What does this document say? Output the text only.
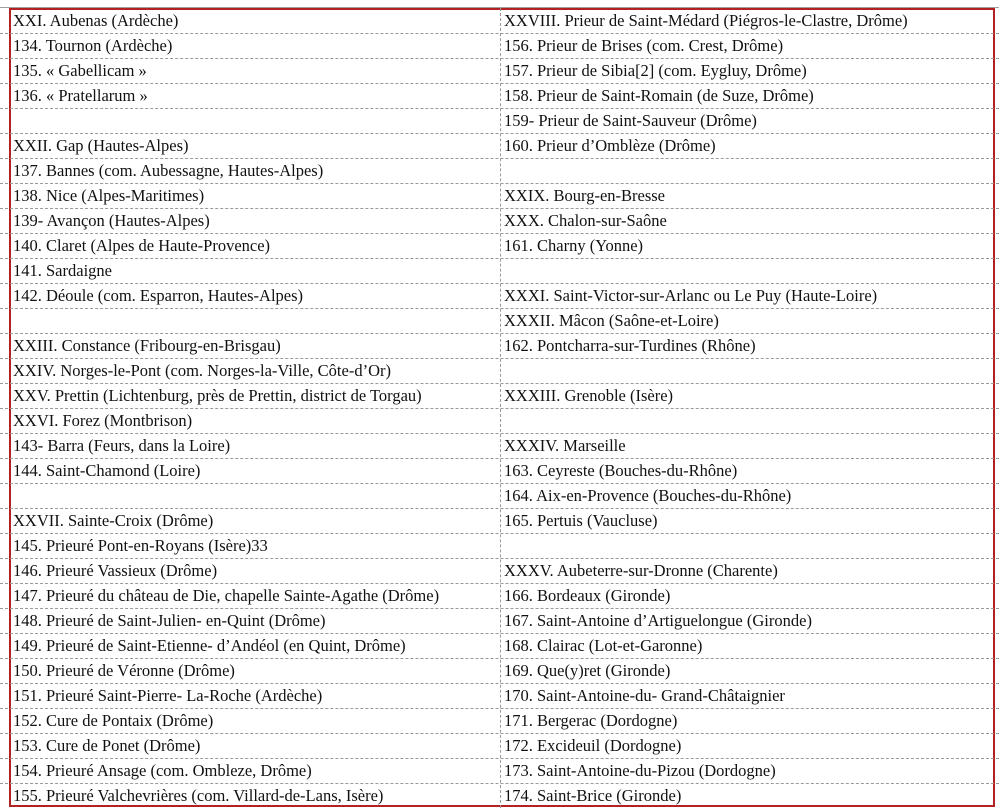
XXI. Aubenas (Ardèche)
134. Tournon (Ardèche)
135. « Gabellicam »
136. « Pratellarum »
XXII. Gap (Hautes-Alpes)
137. Bannes (com. Aubessagne, Hautes-Alpes)
138. Nice (Alpes-Maritimes)
139- Avançon (Hautes-Alpes)
140. Claret (Alpes de Haute-Provence)
141. Sardaigne
142. Déoule (com. Esparron, Hautes-Alpes)
XXIII. Constance (Fribourg-en-Brisgau)
XXIV. Norges-le-Pont (com. Norges-la-Ville, Côte-d’Or)
XXV. Prettin (Lichtenburg, près de Prettin, district de Torgau)
XXVI. Forez (Montbrison)
143- Barra (Feurs, dans la Loire)
144. Saint-Chamond (Loire)
XXVII. Sainte-Croix (Drôme)
145. Prieuré Pont-en-Royans (Isère)33
146. Prieuré Vassieux (Drôme)
147. Prieuré du château de Die, chapelle Sainte-Agathe (Drôme)
148. Prieuré de Saint-Julien- en-Quint (Drôme)
149. Prieuré de Saint-Etienne- d’Andéol (en Quint, Drôme)
150. Prieuré de Véronne (Drôme)
151. Prieuré Saint-Pierre- La-Roche (Ardèche)
152. Cure de Pontaix (Drôme)
153. Cure de Ponet (Drôme)
154. Prieuré Ansage (com. Ombleze, Drôme)
155. Prieuré Valchevrières (com. Villard-de-Lans, Isère)
XXVIII. Prieur de Saint-Médard (Piégros-le-Clastre, Drôme)
156. Prieur de Brises (com. Crest, Drôme)
157. Prieur de Sibia[2] (com. Eygluy, Drôme)
158. Prieur de Saint-Romain (de Suze, Drôme)
159- Prieur de Saint-Sauveur (Drôme)
160. Prieur d’Omblèze (Drôme)
XXIX. Bourg-en-Bresse
XXX. Chalon-sur-Saône
161. Charny (Yonne)
XXXI. Saint-Victor-sur-Arlanc ou Le Puy (Haute-Loire)
XXXII. Mâcon (Saône-et-Loire)
162. Pontcharra-sur-Turdines (Rhône)
XXXIII. Grenoble (Isère)
XXXIV. Marseille
163. Ceyreste (Bouches-du-Rhône)
164. Aix-en-Provence (Bouches-du-Rhône)
165. Pertuis (Vaucluse)
XXXV. Aubeterre-sur-Dronne (Charente)
166. Bordeaux (Gironde)
167. Saint-Antoine d’Artiguelongue (Gironde)
168. Clairac (Lot-et-Garonne)
169. Que(y)ret (Gironde)
170. Saint-Antoine-du- Grand-Châtaignier
171. Bergerac (Dordogne)
172. Excideuil (Dordogne)
173. Saint-Antoine-du-Pizou (Dordogne)
174. Saint-Brice (Gironde)
